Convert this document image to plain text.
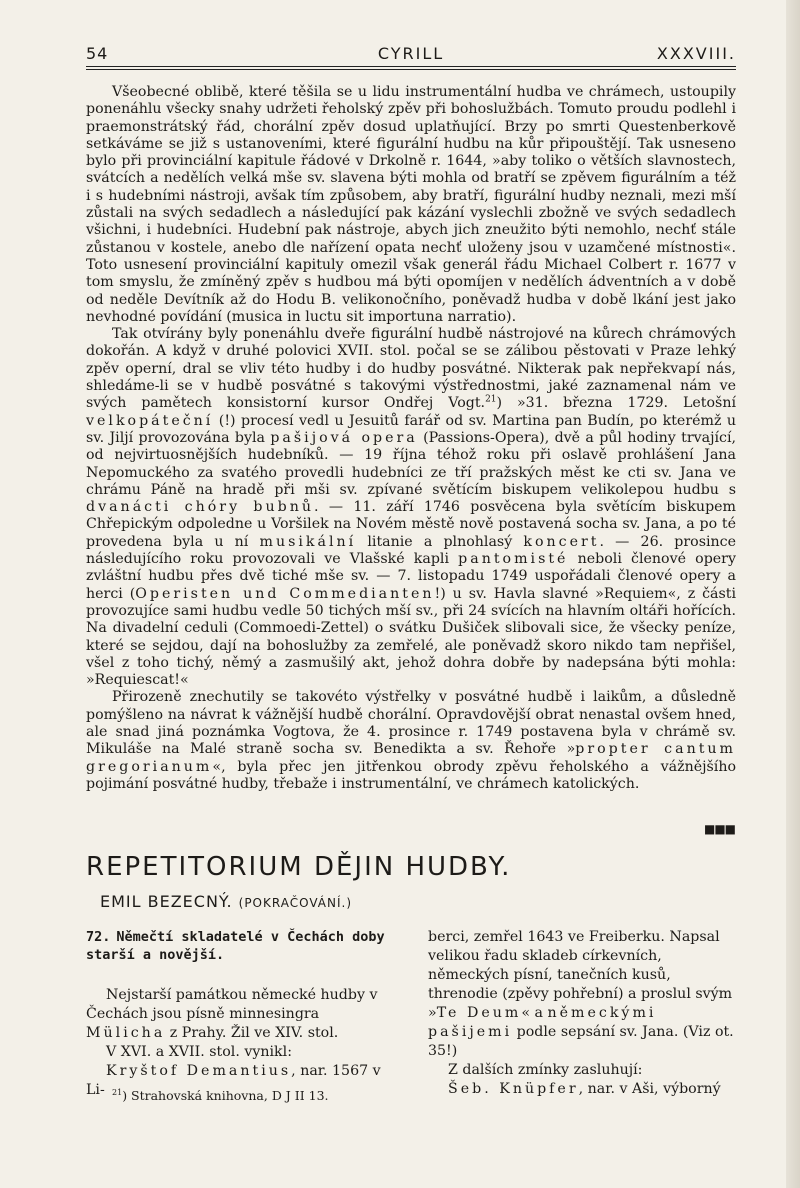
54	CYRILL	XXXVIII.

Všeobecné oblibě, které těšila se u lidu instrumentální hudba ve chrámech, ustoupily ponenáhlu všecky snahy udržeti řeholský zpěv při bohoslužbách. Tomuto proudu podlehl i praemonstrátský řád, chorální zpěv dosud uplatňující. Brzy po smrti Questenberkově setkáváme se již s ustanoveními, které figurální hudbu na kůr připouštějí. Tak usneseno bylo při provinciální kapitule řádové v Drkolně r. 1644, »aby toliko o větších slavnostech, svátcích a nedělích velká mše sv. slavena býti mohla od bratří se zpěvem figurálním a též i s hudebními nástroji, avšak tím způsobem, aby bratří, figurální hudby neznali, mezi mší zůstali na svých sedadlech a následující pak kázání vyslechli zbožně ve svých sedadlech všichni, i hudebníci. Hudební pak nástroje, abych jich zneužito býti nemohlo, nechť stále zůstanou v kostele, anebo dle nařízení opata nechť uloženy jsou v uzamčené místnosti«. Toto usnesení provinciální kapituly omezil však generál řádu Michael Colbert r. 1677 v tom smyslu, že zmíněný zpěv s hudbou má býti opomíjen v nedělích ádventních a v době od neděle Devítník až do Hodu B. velikonočního, poněvadž hudba v době lkání jest jako nevhodné povídání (musica in luctu sit importuna narratio).

Tak otvírány byly ponenáhlu dveře figurální hudbě nástrojové na kůrech chrámových dokořán. A když v druhé polovici XVII. stol. počal se se zálibou pěstovati v Praze lehký zpěv operní, dral se vliv této hudby i do hudby posvátné. Nikterak pak nepřekvapí nás, shledáme-li se v hudbě posvátné s takovými výstřednostmi, jaké zaznamenal nám ve svých pamětech konsistorní kursor Ondřej Vogt.$^{21}$) »31. března 1729. Letošní velkopáteční (!) procesí vedl u Jesuitů farář od sv. Martina pan Budín, po kterémž u sv. Jiljí provozována byla pašijová opera (Passions-Opera), dvě a půl hodiny trvající, od nejvirtuosnějších hudebníků. — 19 října téhož roku při oslavě prohlášení Jana Nepomuckého za svatého provedli hudebníci ze tří pražských měst ke cti sv. Jana ve chrámu Páně na hradě při mši sv. zpívané světícím biskupem velikolepou hudbu s dvanácti chóry bubnů. — 11. září 1746 posvěcena byla světícím biskupem Chřepickým odpoledne u Voršilek na Novém městě nově postavená socha sv. Jana, a po té provedena byla u ní musikální litanie a plnohlasý koncert. — 26. prosince následujícího roku provozovali ve Vlašské kapli pantomisté neboli členové opery zvláštní hudbu přes dvě tiché mše sv. — 7. listopadu 1749 uspořádali členové opery a herci (Operisten und Commedianten!) u sv. Havla slavné »Requiem«, z části provozujíce sami hudbu vedle 50 tichých mší sv., při 24 svících na hlavním oltáři hořících. Na divadelní ceduli (Commoedi-Zettel) o svátku Dušiček slibovali sice, že všecky peníze, které se sejdou, dají na bohoslužby za zemřelé, ale poněvadž skoro nikdo tam nepřišel, všel z toho tichý, němý a zasmušilý akt, jehož dohra dobře by nadepsána býti mohla: »Requiescat!«

Přirozeně znechutily se takovéto výstřelky v posvátné hudbě i laikům, a důsledně pomýšleno na návrat k vážnější hudbě chorální. Opravdovější obrat nenastal ovšem hned, ale snad jiná poznámka Vogtova, že 4. prosince r. 1749 postavena byla v chrámě sv. Mikuláše na Malé straně socha sv. Benedikta a sv. Řehoře »propter cantum gregorianum«, byla přec jen jitřenkou obrody zpěvu řeholského a vážnějšího pojimání posvátné hudby, třebaže i instrumentální, ve chrámech katolických.

■■■
REPETITORIUM DĚJIN HUDBY.
EMIL BEZECNÝ. (POKRAČOVÁNÍ.)

72. Němečtí skladatelé v Čechách doby starší a novější.

Nejstarší památkou německé hudby v Čechách jsou písně minnesingra Mülicha z Prahy. Žil ve XIV. stol.

V XVI. a XVII. stol. vynikl:

Kryštof Demantius, nar. 1567 v Li-

berci, zemřel 1643 ve Freiberku. Napsal velikou řadu skladeb církevních, německých písní, tanečních kusů, threnodie (zpěvy pohřební) a proslul svým »Te Deum« a německými pašijemi podle sepsání sv. Jana. (Viz ot. 35!)

Z dalších zmínky zasluhují:

Šeb. Knüpfer, nar. v Aši, výborný

$^{21}$) Strahovská knihovna, D J II 13.
